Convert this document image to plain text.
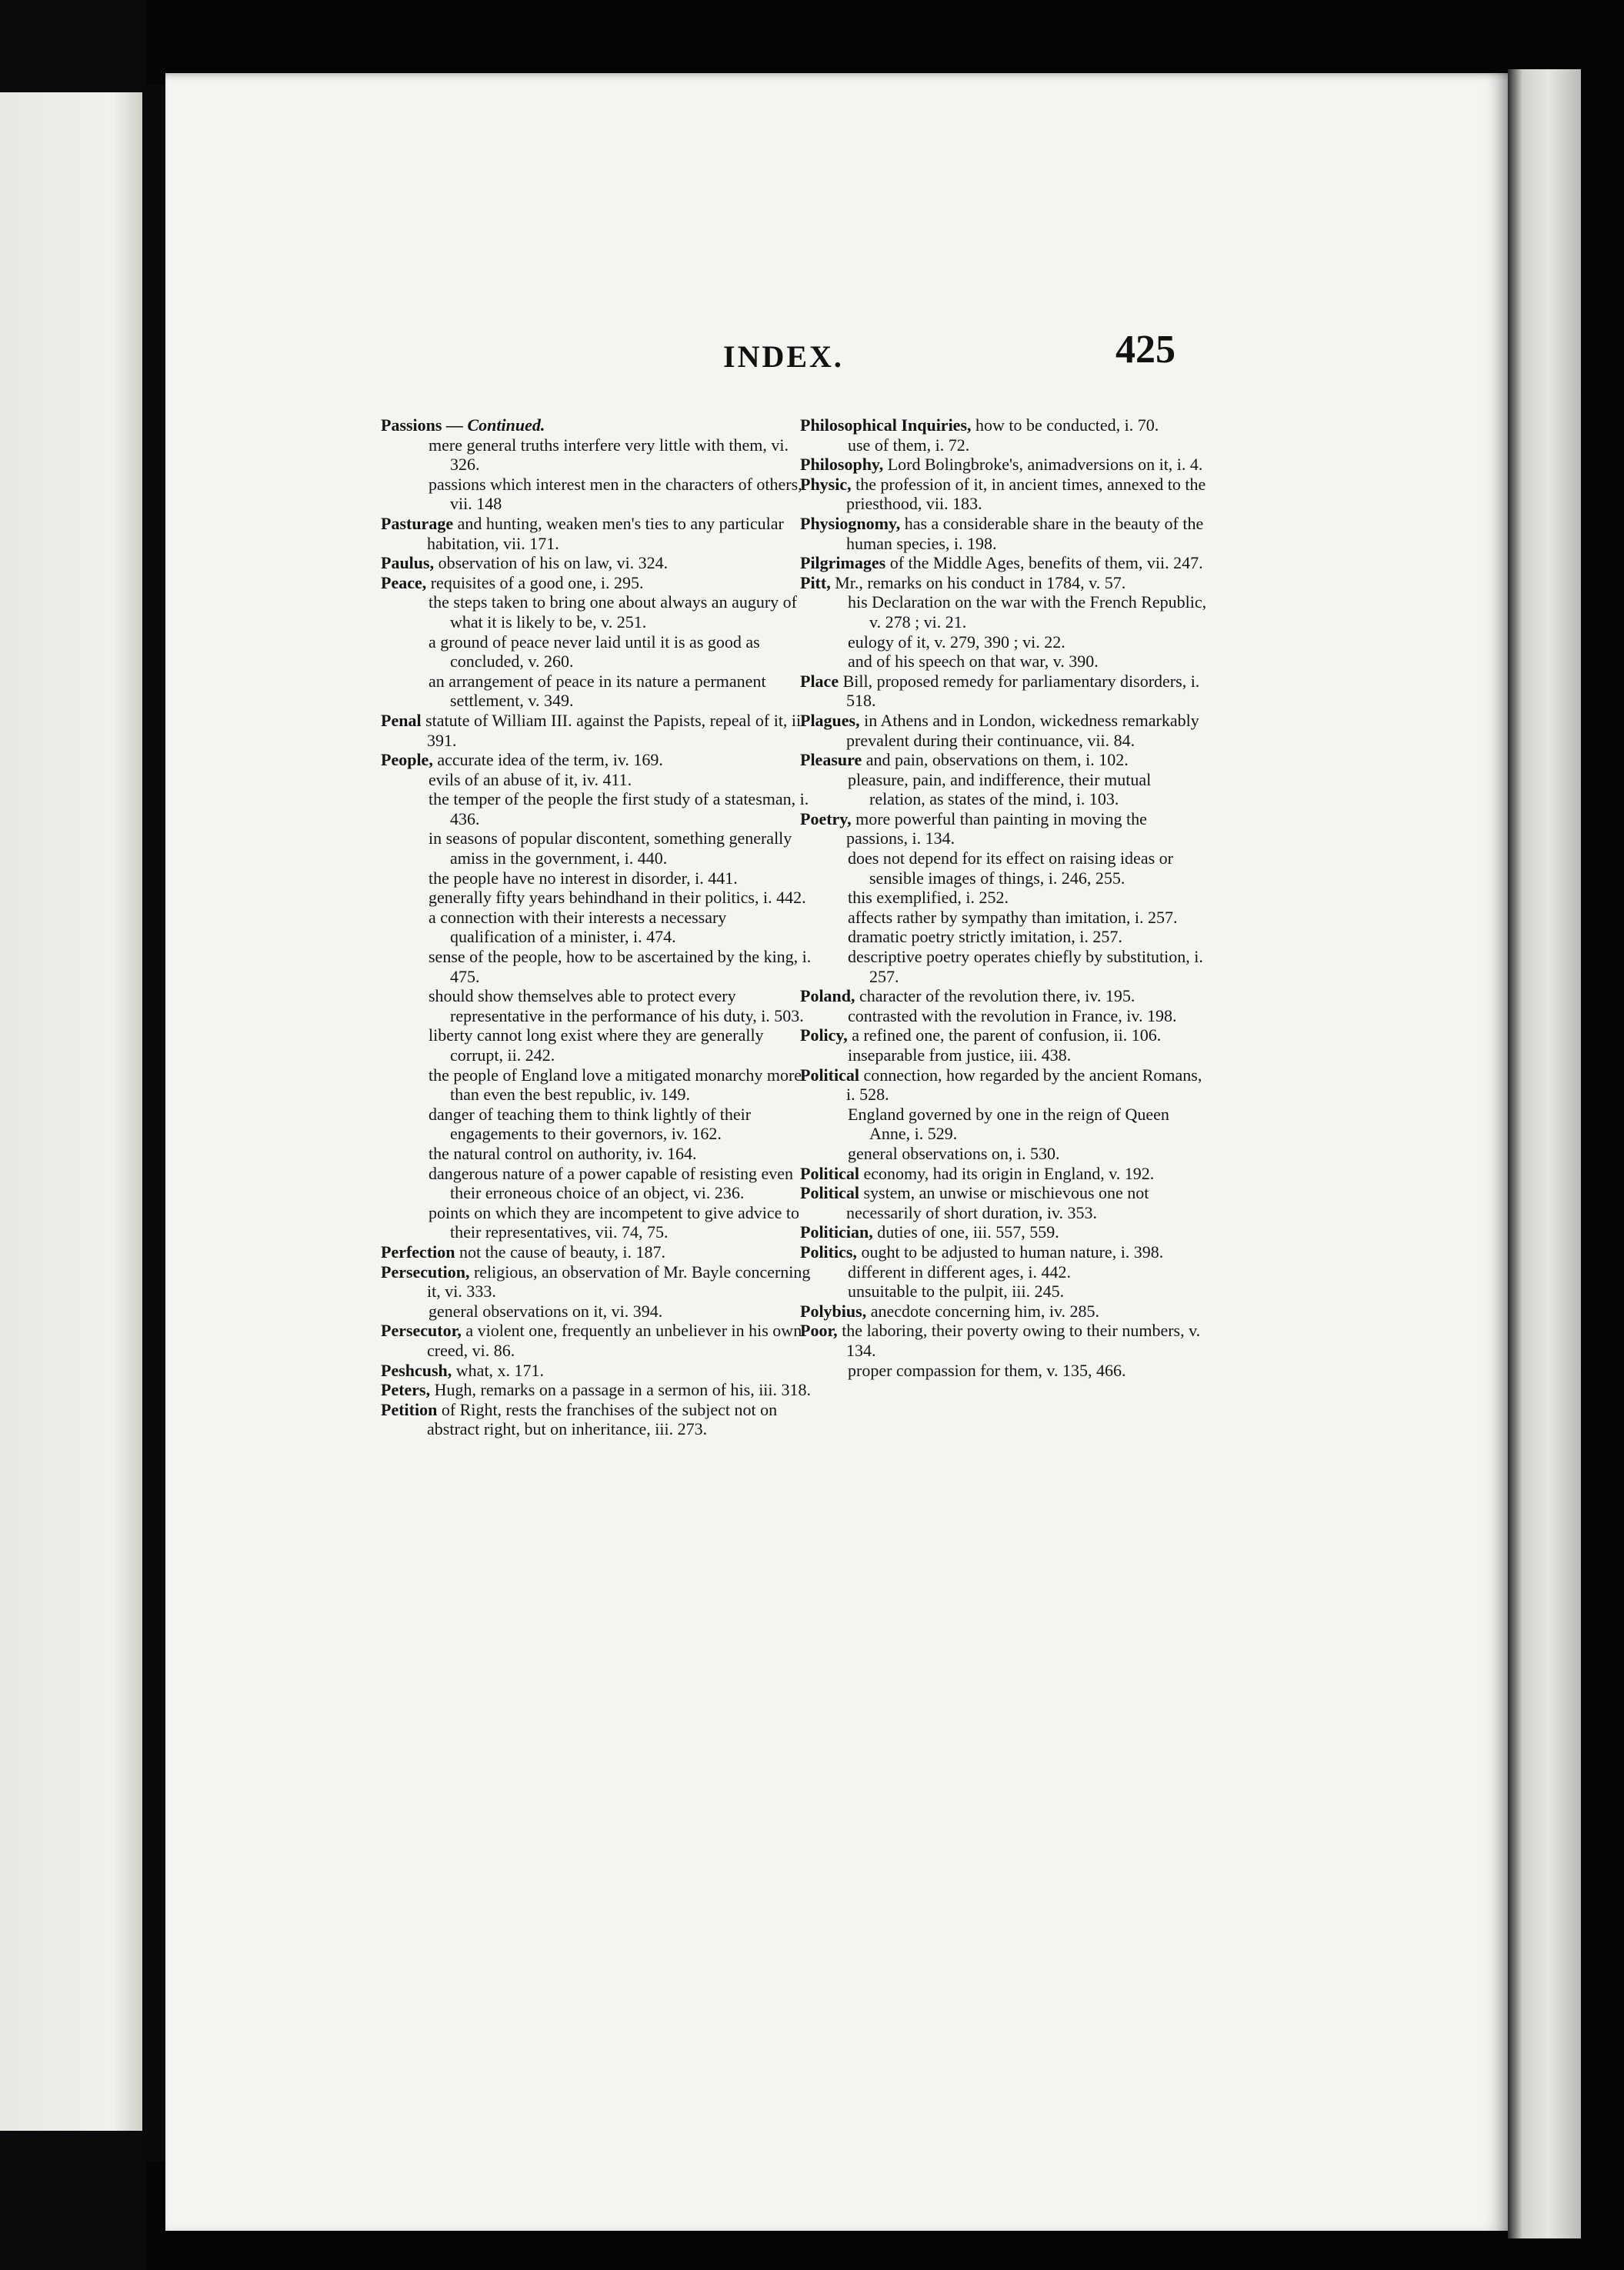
INDEX.	425
Passions — Continued.
mere general truths interfere very little with them, vi. 326.
passions which interest men in the characters of others, vii. 148
Pasturage and hunting, weaken men's ties to any particular habitation, vii. 171.
Paulus, observation of his on law, vi. 324.
Peace, requisites of a good one, i. 295.
the steps taken to bring one about always an augury of what it is likely to be, v. 251.
a ground of peace never laid until it is as good as concluded, v. 260.
an arrangement of peace in its nature a permanent settlement, v. 349.
Penal statute of William III. against the Papists, repeal of it, ii. 391.
People, accurate idea of the term, iv. 169.
evils of an abuse of it, iv. 411.
the temper of the people the first study of a statesman, i. 436.
in seasons of popular discontent, something generally amiss in the government, i. 440.
the people have no interest in disorder, i. 441.
generally fifty years behindhand in their politics, i. 442.
a connection with their interests a necessary qualification of a minister, i. 474.
sense of the people, how to be ascertained by the king, i. 475.
should show themselves able to protect every representative in the performance of his duty, i. 503.
liberty cannot long exist where they are generally corrupt, ii. 242.
the people of England love a mitigated monarchy more than even the best republic, iv. 149.
danger of teaching them to think lightly of their engagements to their governors, iv. 162.
the natural control on authority, iv. 164.
dangerous nature of a power capable of resisting even their erroneous choice of an object, vi. 236.
points on which they are incompetent to give advice to their representatives, vii. 74, 75.
Perfection not the cause of beauty, i. 187.
Persecution, religious, an observation of Mr. Bayle concerning it, vi. 333.
general observations on it, vi. 394.
Persecutor, a violent one, frequently an unbeliever in his own creed, vi. 86.
Peshcush, what, x. 171.
Peters, Hugh, remarks on a passage in a sermon of his, iii. 318.
Petition of Right, rests the franchises of the subject not on abstract right, but on inheritance, iii. 273.
Philosophical Inquiries, how to be conducted, i. 70.
use of them, i. 72.
Philosophy, Lord Bolingbroke's, animadversions on it, i. 4.
Physic, the profession of it, in ancient times, annexed to the priesthood, vii. 183.
Physiognomy, has a considerable share in the beauty of the human species, i. 198.
Pilgrimages of the Middle Ages, benefits of them, vii. 247.
Pitt, Mr., remarks on his conduct in 1784, v. 57.
his Declaration on the war with the French Republic, v. 278 ; vi. 21.
eulogy of it, v. 279, 390 ; vi. 22.
and of his speech on that war, v. 390.
Place Bill, proposed remedy for parliamentary disorders, i. 518.
Plagues, in Athens and in London, wickedness remarkably prevalent during their continuance, vii. 84.
Pleasure and pain, observations on them, i. 102.
pleasure, pain, and indifference, their mutual relation, as states of the mind, i. 103.
Poetry, more powerful than painting in moving the passions, i. 134.
does not depend for its effect on raising ideas or sensible images of things, i. 246, 255.
this exemplified, i. 252.
affects rather by sympathy than imitation, i. 257.
dramatic poetry strictly imitation, i. 257.
descriptive poetry operates chiefly by substitution, i. 257.
Poland, character of the revolution there, iv. 195.
contrasted with the revolution in France, iv. 198.
Policy, a refined one, the parent of confusion, ii. 106.
inseparable from justice, iii. 438.
Political connection, how regarded by the ancient Romans, i. 528.
England governed by one in the reign of Queen Anne, i. 529.
general observations on, i. 530.
Political economy, had its origin in England, v. 192.
Political system, an unwise or mischievous one not necessarily of short duration, iv. 353.
Politician, duties of one, iii. 557, 559.
Politics, ought to be adjusted to human nature, i. 398.
different in different ages, i. 442.
unsuitable to the pulpit, iii. 245.
Polybius, anecdote concerning him, iv. 285.
Poor, the laboring, their poverty owing to their numbers, v. 134.
proper compassion for them, v. 135, 466.
